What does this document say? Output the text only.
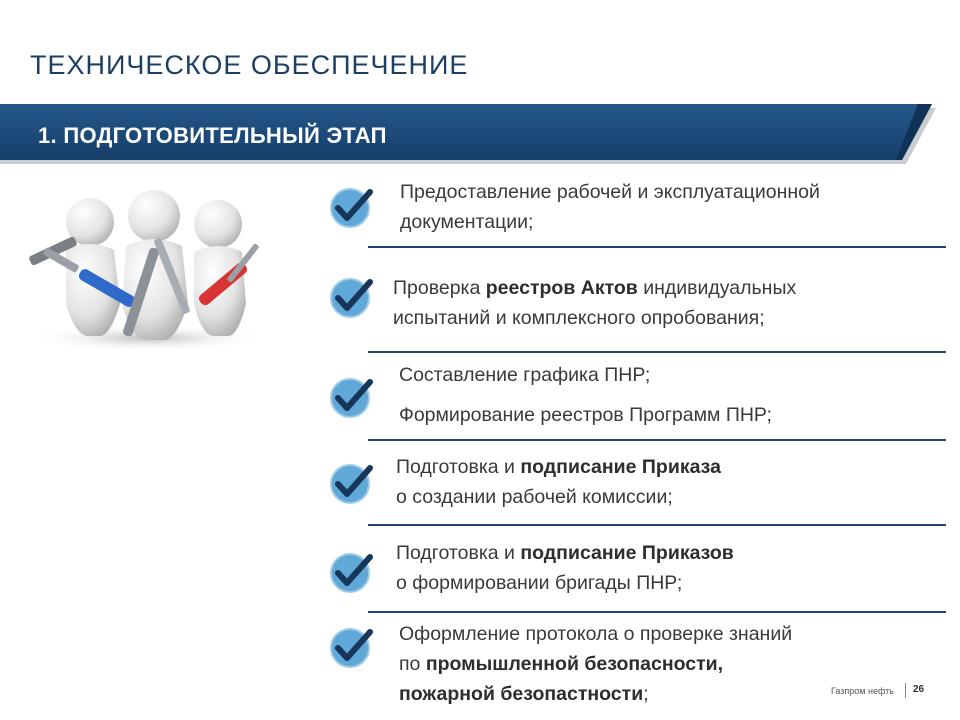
ТЕХНИЧЕСКОЕ ОБЕСПЕЧЕНИЕ
1. ПОДГОТОВИТЕЛЬНЫЙ ЭТАП
Предоставление рабочей и эксплуатационной
документации;
Проверка реестров Актов индивидуальных
испытаний и комплексного опробования;
Составление графика ПНР;
Формирование реестров Программ ПНР;
Подготовка и подписание Приказа
о создании рабочей комиссии;
Подготовка и подписание Приказов
о формировании бригады ПНР;
Оформление протокола о проверке знаний
по промышленной безопасности,
пожарной безопастности;	Газпром нефть 26
